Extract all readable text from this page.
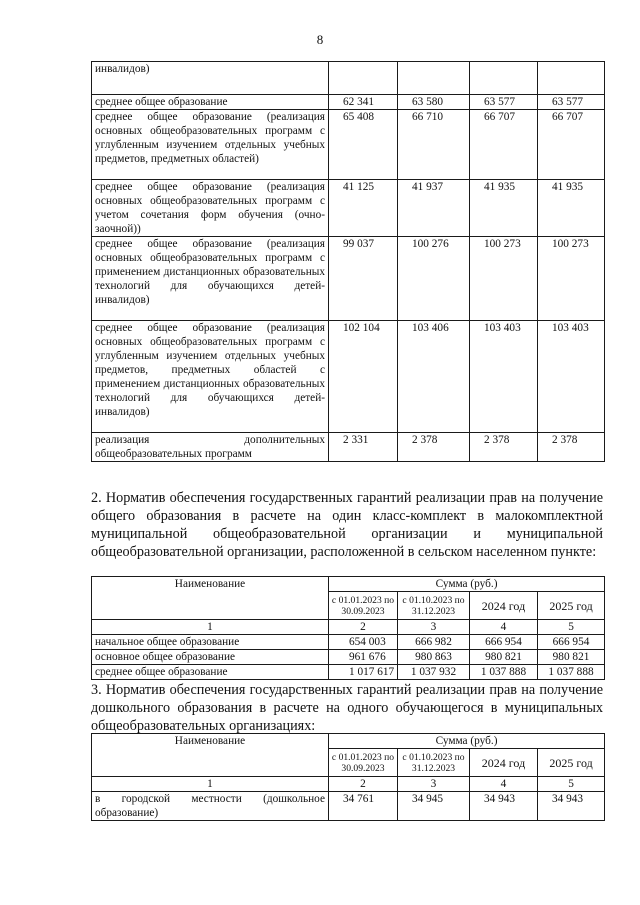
8
инвалидов)				
среднее общее образование	62 341	63 580	63 577	63 577
среднее общее образование (реализация основных общеобразовательных программ с углубленным изучением отдельных учебных предметов, предметных областей)	65 408	66 710	66 707	66 707
среднее общее образование (реализация основных общеобразовательных программ с учетом сочетания форм обучения (очно-заочной))	41 125	41 937	41 935	41 935
среднее общее образование (реализация основных общеобразовательных программ с применением дистанционных образовательных технологий для обучающихся детей-инвалидов)	99 037	100 276	100 273	100 273
среднее общее образование (реализация основных общеобразовательных программ с углубленным изучением отдельных учебных предметов, предметных областей с применением дистанционных образовательных технологий для обучающихся детей-инвалидов)	102 104	103 406	103 403	103 403
реализация дополнительных общеобразовательных программ	2 331	2 378	2 378	2 378
2. Норматив обеспечения государственных гарантий реализации прав на получение общего образования в расчете на один класс-комплект в малокомплектной муниципальной общеобразовательной организации и муниципальной общеобразовательной организации, расположенной в сельском населенном пункте:
Наименование	Сумма (руб.)			
	с 01.01.2023 по 30.09.2023	с 01.10.2023 по 31.12.2023	2024 год	2025 год
1	2	3	4	5
начальное общее образование	654 003	666 982	666 954	666 954
основное общее образование	961 676	980 863	980 821	980 821
среднее общее образование	1 017 617	1 037 932	1 037 888	1 037 888
3. Норматив обеспечения государственных гарантий реализации прав на получение дошкольного образования в расчете на одного обучающегося в муниципальных общеобразовательных организациях:
Наименование	Сумма (руб.)			
	с 01.01.2023 по 30.09.2023	с 01.10.2023 по 31.12.2023	2024 год	2025 год
1	2	3	4	5
в городской местности (дошкольное образование)	34 761	34 945	34 943	34 943
